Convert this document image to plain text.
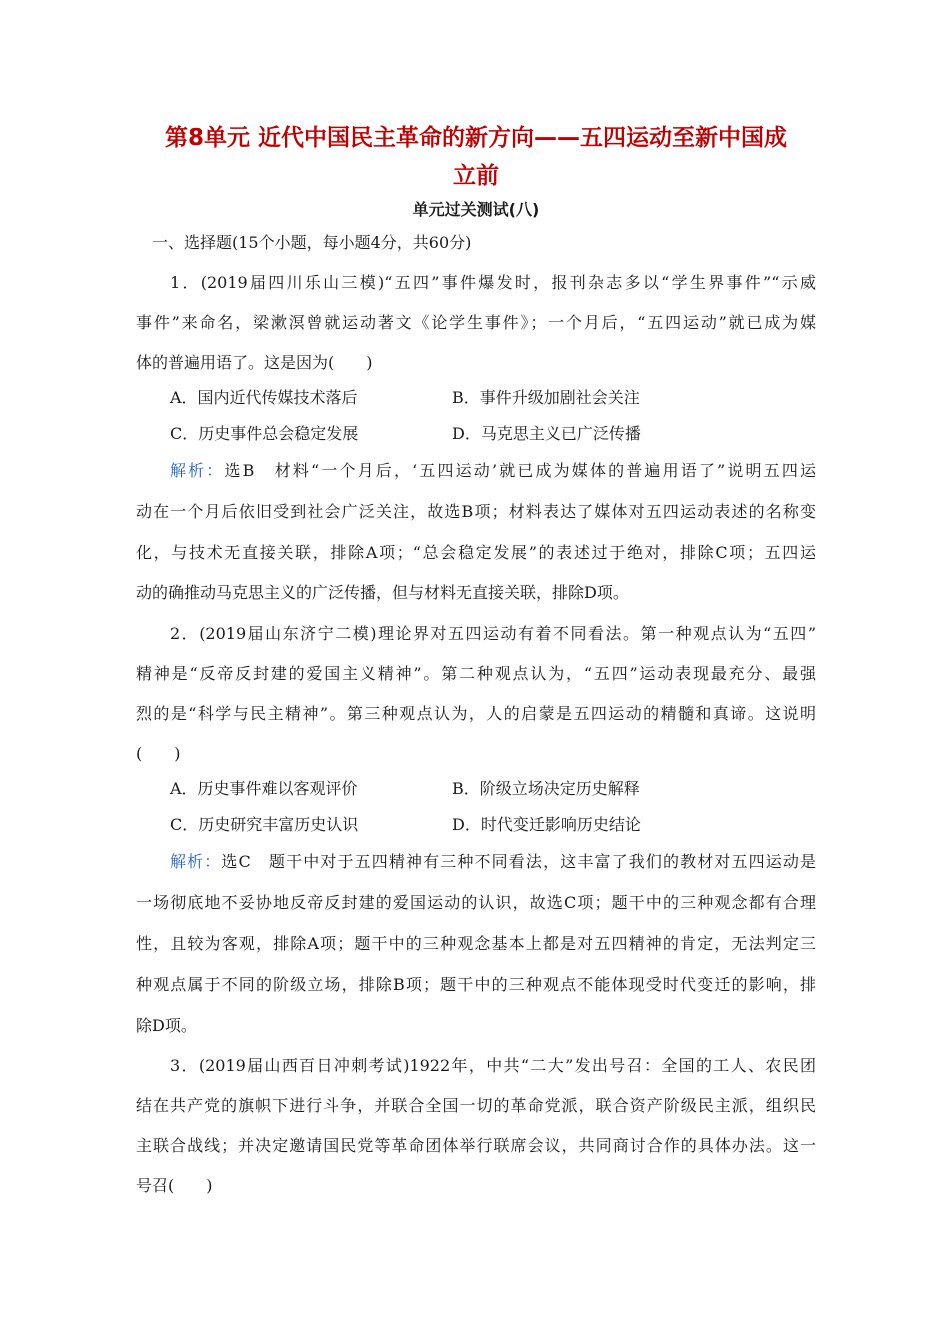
第8单元 近代中国民主革命的新方向——五四运动至新中国成
立前
单元过关测试(八)
一、选择题(15个小题，每小题4分，共60分)
1．(2019届四川乐山三模)“五四”事件爆发时，报刊杂志多以“学生界事件”“示威
事件”来命名，梁漱溟曾就运动著文《论学生事件》；一个月后，“五四运动”就已成为媒
体的普遍用语了。这是因为(　　)
A．国内近代传媒技术落后	B．事件升级加剧社会关注
C．历史事件总会稳定发展	D．马克思主义已广泛传播
解析：选B　材料“一个月后，‘五四运动’就已成为媒体的普遍用语了”说明五四运
动在一个月后依旧受到社会广泛关注，故选B项；材料表达了媒体对五四运动表述的名称变
化，与技术无直接关联，排除A项；“总会稳定发展”的表述过于绝对，排除C项；五四运
动的确推动马克思主义的广泛传播，但与材料无直接关联，排除D项。
2．(2019届山东济宁二模)理论界对五四运动有着不同看法。第一种观点认为“五四”
精神是“反帝反封建的爱国主义精神”。第二种观点认为，“五四”运动表现最充分、最强
烈的是“科学与民主精神”。第三种观点认为，人的启蒙是五四运动的精髓和真谛。这说明
(　　)
A．历史事件难以客观评价	B．阶级立场决定历史解释
C．历史研究丰富历史认识	D．时代变迁影响历史结论
解析：选C　题干中对于五四精神有三种不同看法，这丰富了我们的教材对五四运动是
一场彻底地不妥协地反帝反封建的爱国运动的认识，故选C项；题干中的三种观念都有合理
性，且较为客观，排除A项；题干中的三种观念基本上都是对五四精神的肯定，无法判定三
种观点属于不同的阶级立场，排除B项；题干中的三种观点不能体现受时代变迁的影响，排
除D项。
3．(2019届山西百日冲刺考试)1922年，中共“二大”发出号召：全国的工人、农民团
结在共产党的旗帜下进行斗争，并联合全国一切的革命党派，联合资产阶级民主派，组织民
主联合战线；并决定邀请国民党等革命团体举行联席会议，共同商讨合作的具体办法。这一
号召(　　)
